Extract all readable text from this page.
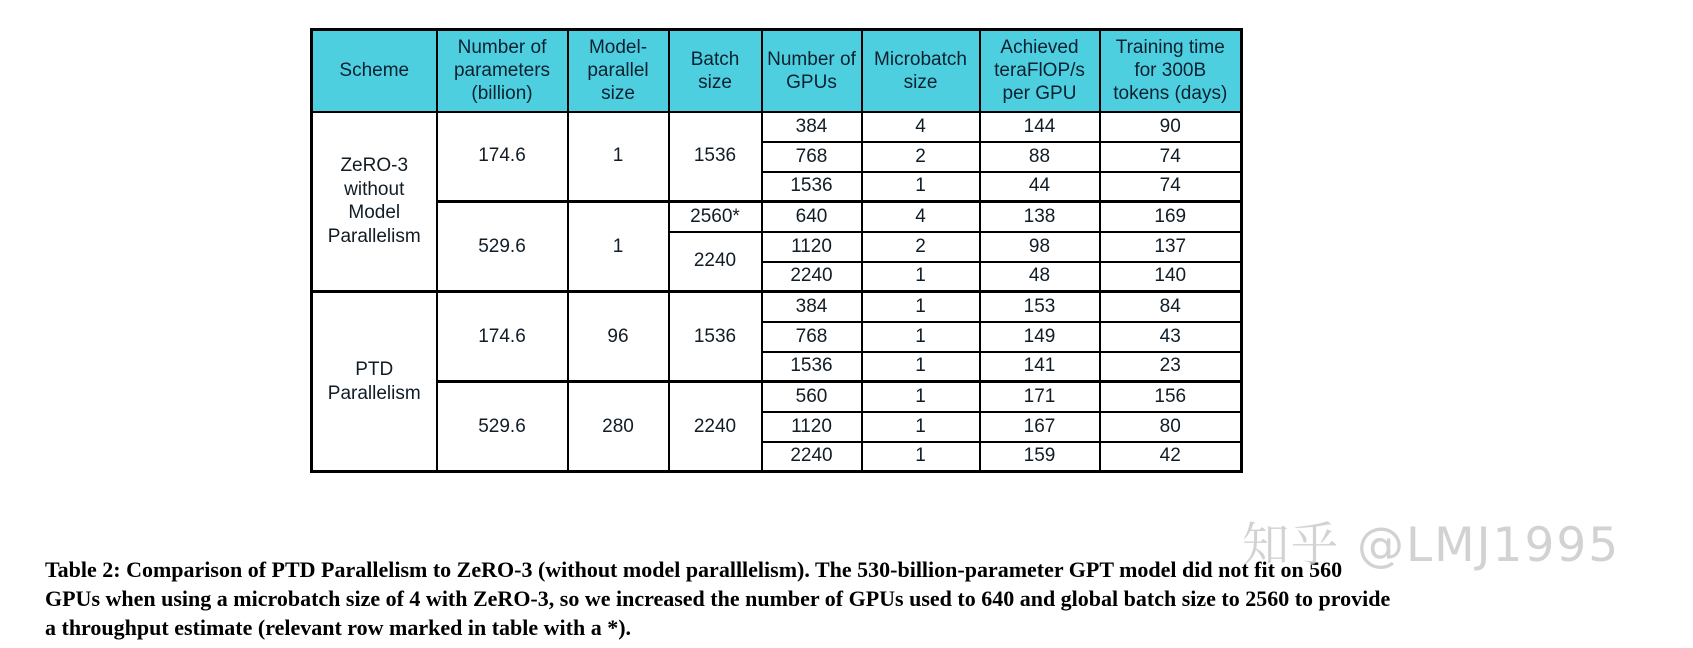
Scheme	Number of parameters (billion)	Model-parallel size	Batch size	Number of GPUs	Microbatch size	Achieved teraFlOP/s per GPU	Training time for 300B tokens (days)
ZeRO-3 without Model Parallelism	174.6	1	1536	384	4	144	90
				768	2	88	74
				1536	1	44	74
	529.6	1	2560*	640	4	138	169
			2240	1120	2	98	137
				2240	1	48	140
PTD Parallelism	174.6	96	1536	384	1	153	84
				768	1	149	43
				1536	1	141	23
	529.6	280	2240	560	1	171	156
				1120	1	167	80
				2240	1	159	42
Table 2: Comparison of PTD Parallelism to ZeRO-3 (without model paralllelism). The 530-billion-parameter GPT model did not fit on 560
GPUs when using a microbatch size of 4 with ZeRO-3, so we increased the number of GPUs used to 640 and global batch size to 2560 to provide
a throughput estimate (relevant row marked in table with a *).
知乎 @LMJ1995
